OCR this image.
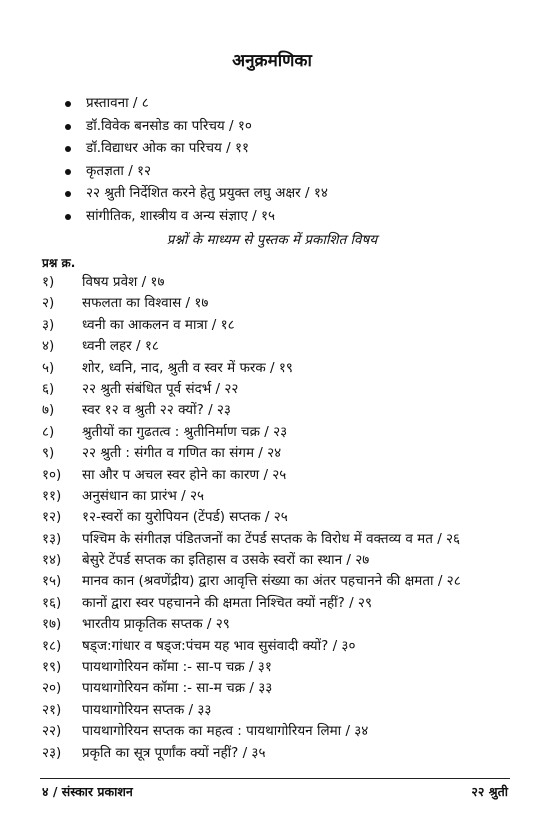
अनुक्रमणिका
प्रस्तावना / ८
डॉ.विवेक बनसोड का परिचय / १०
डॉ.विद्याधर ओक का परिचय / ११
कृतज्ञता / १२
२२ श्रुती निर्देशित करने हेतु प्रयुक्त लघु अक्षर / १४
सांगीतिक, शास्त्रीय व अन्य संज्ञाए / १५
प्रश्नों के माध्यम से पुस्तक में प्रकाशित विषय
प्रश्न क्र.
१) विषय प्रवेश / १७
२) सफलता का विश्वास / १७
३) ध्वनी का आकलन व मात्रा / १८
४) ध्वनी लहर / १८
५) शोर, ध्वनि, नाद, श्रुती व स्वर में फरक / १९
६) २२ श्रुती संबंधित पूर्व संदर्भ / २२
७) स्वर १२ व श्रुती २२ क्यों? / २३
८) श्रुतीयों का गुढतत्व : श्रुतीनिर्माण चक्र / २३
९) २२ श्रुती : संगीत व गणित का संगम / २४
१०) सा और प अचल स्वर होने का कारण / २५
११) अनुसंधान का प्रारंभ / २५
१२) १२-स्वरों का युरोपियन (टेंपर्ड) सप्तक / २५
१३) पश्चिम के संगीतज्ञ पंडितजनों का टेंपर्ड सप्तक के विरोध में वक्तव्य व मत / २६
१४) बेसुरे टेंपर्ड सप्तक का इतिहास व उसके स्वरों का स्थान / २७
१५) मानव कान (श्रवणेंद्रीय) द्वारा आवृत्ति संख्या का अंतर पहचानने की क्षमता / २८
१६) कानों द्वारा स्वर पहचानने की क्षमता निश्चित क्यों नहीं? / २९
१७) भारतीय प्राकृतिक सप्तक / २९
१८) षड्ज:गांधार व षड्ज:पंचम यह भाव सुसंवादी क्यों? / ३०
१९) पायथागोरियन कॉमा :- सा-प चक्र / ३१
२०) पायथागोरियन कॉमा :- सा-म चक्र / ३३
२१) पायथागोरियन सप्तक / ३३
२२) पायथागोरियन सप्तक का महत्व : पायथागोरियन लिमा / ३४
२३) प्रकृति का सूत्र पूर्णांक क्यों नहीं? / ३५
४ / संस्कार प्रकाशन	२२ श्रुती
